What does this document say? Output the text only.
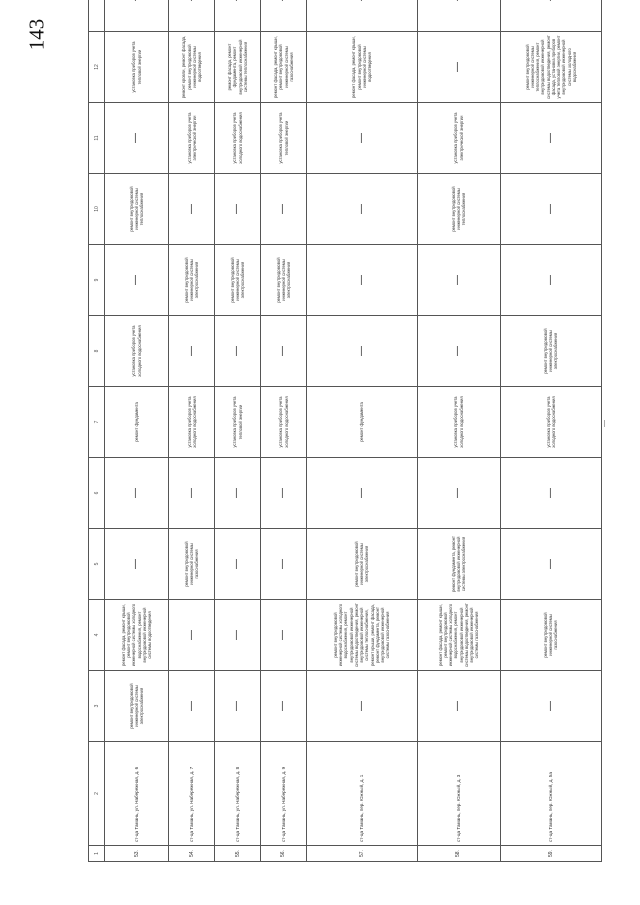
143
1	2	3	4	5	6	7	8	9	10	11	12	
53.	ст-ца Тамань, ул. Набережная, д. 6	ремонт внутридомовой инженерной системы электроснабжения	ремонт фасада, ремонт крыши, ремонт внутридомовой инженерной системы холодного водоснабжения, ремонт внутридомовой инженерной системы водоотведения	—	—	ремонт фундамента	установка приборов учета холодного водоснабжения	—	ремонт внутридомовой инженерной системы теплоснабжения	—	установка приборов учета тепловой энергии	
54.	ст-ца Тамань, ул. Набережная, д. 7	—	—	ремонт внутридомовой инженерной системы газоснабжения	—	установка приборов учета холодного водоснабжения	—	ремонт внутридомовой инженерной системы электроснабжения	—	установка приборов учета электрической энергии	ремонт кровли, ремонт фасада, ремонт внутридомовой инженерной системы водоотведения	
55.	ст-ца Тамань, ул. Набережная, д. 8	—	—	—	—	установка приборов учета тепловой энергии	—	ремонт внутридомовой инженерной системы электроснабжения	—	установка приборов учета холодного водоснабжения	ремонт фасада, ремонт фундамента, ремонт внутридомовой инженерной системы теплоснабжения	
56.	ст-ца Тамань, ул. Набережная, д. 9	—	—	—	—	установка приборов учета холодного водоснабжения	—	ремонт внутридомовой инженерной системы электроснабжения	—	установка приборов учета тепловой энергии	ремонт фасада, ремонт крыши, ремонт внутридомовой инженерной системы газоснабжения	
57.	ст-ца Тамань, пер. Южный, д. 1	—	ремонт внутридомовой инженерной системы холодного водоснабжения, ремонт внутридомовой инженерной системы водоотведения, ремонт внутридомовой инженерной системы теплоснабжения, ремонт крыши, ремонт фасада, ремонт фундамента, ремонт внутридомовой инженерной системы газоснабжения	ремонт внутридомовой инженерной системы электроснабжения	—	ремонт фундамента	—	—	—	—	ремонт фасада, ремонт крыши, ремонт внутридомовой инженерной системы водоотведения	
58.	ст-ца Тамань, пер. Южный, д. 3	—	ремонт фасада, ремонт крыши, ремонт внутридомовой инженерной системы холодного водоснабжения, ремонт внутридомовой инженерной системы водоотведения, ремонт внутридомовой инженерной системы газоснабжения	ремонт фундамента, ремонт внутридомовой инженерной системы электроснабжения	—	установка приборов учета холодного водоснабжения	—	—	ремонт внутридомовой инженерной системы теплоснабжения	установка приборов учета электрической энергии	—	
59.	ст-ца Тамань, пер. Южный, д. 5а	—	ремонт внутридомовой инженерной системы газоснабжения	—	—	установка приборов учета холодного водоснабжения	ремонт внутридомовой инженерной системы электроснабжения	—	—	—	ремонт внутридомовой инженерной системы теплоснабжения, ремонт внутридомовой инженерной системы водоотведения, ремонт фасада, установка приборов учета тепловой энергии, ремонт внутридомовой инженерной системы холодного водоснабжения	
